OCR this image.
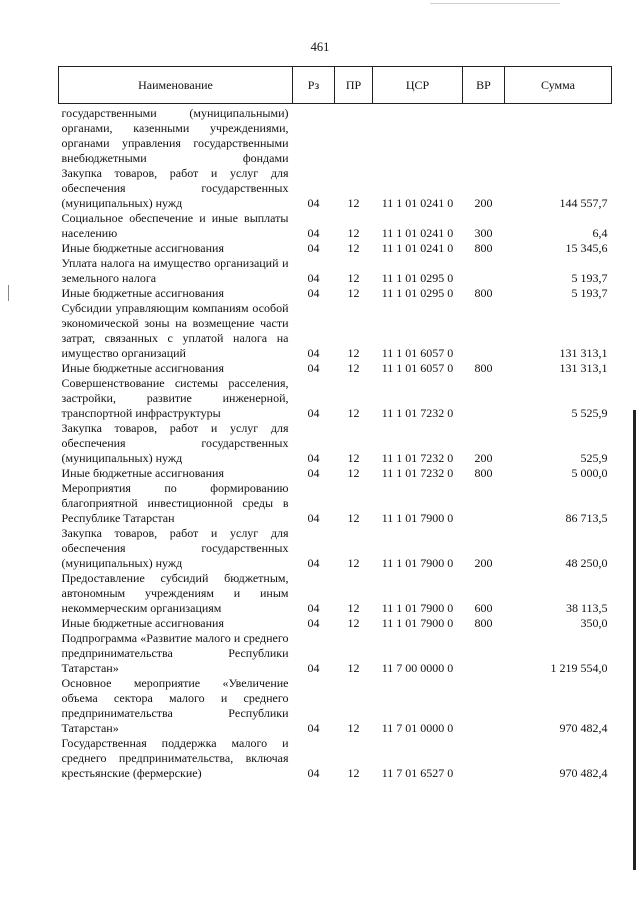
461
Наименование	Рз	ПР	ЦСР	ВР	Сумма
государственными (муниципальными) органами, казенными учреждениями, органами управления государственными внебюджетными фондами					
Закупка товаров, работ и услуг для обеспечения государственных (муниципальных) нужд	04	12	11 1 01 0241 0	200	144 557,7
Социальное обеспечение и иные выплаты населению	04	12	11 1 01 0241 0	300	6,4
Иные бюджетные ассигнования	04	12	11 1 01 0241 0	800	15 345,6
Уплата налога на имущество организаций и земельного налога	04	12	11 1 01 0295 0		5 193,7
Иные бюджетные ассигнования	04	12	11 1 01 0295 0	800	5 193,7
Субсидии управляющим компаниям особой экономической зоны на возмещение части затрат, связанных с уплатой налога на имущество организаций	04	12	11 1 01 6057 0		131 313,1
Иные бюджетные ассигнования	04	12	11 1 01 6057 0	800	131 313,1
Совершенствование системы расселения, застройки, развитие инженерной, транспортной инфраструктуры	04	12	11 1 01 7232 0		5 525,9
Закупка товаров, работ и услуг для обеспечения государственных (муниципальных) нужд	04	12	11 1 01 7232 0	200	525,9
Иные бюджетные ассигнования	04	12	11 1 01 7232 0	800	5 000,0
Мероприятия по формированию благоприятной инвестиционной среды в Республике Татарстан	04	12	11 1 01 7900 0		86 713,5
Закупка товаров, работ и услуг для обеспечения государственных (муниципальных) нужд	04	12	11 1 01 7900 0	200	48 250,0
Предоставление субсидий бюджетным, автономным учреждениям и иным некоммерческим организациям	04	12	11 1 01 7900 0	600	38 113,5
Иные бюджетные ассигнования	04	12	11 1 01 7900 0	800	350,0
Подпрограмма «Развитие малого и среднего предпринимательства Республики Татарстан»	04	12	11 7 00 0000 0		1 219 554,0
Основное мероприятие «Увеличение объема сектора малого и среднего предпринимательства Республики Татарстан»	04	12	11 7 01 0000 0		970 482,4
Государственная поддержка малого и среднего предпринимательства, включая крестьянские (фермерские)	04	12	11 7 01 6527 0		970 482,4
